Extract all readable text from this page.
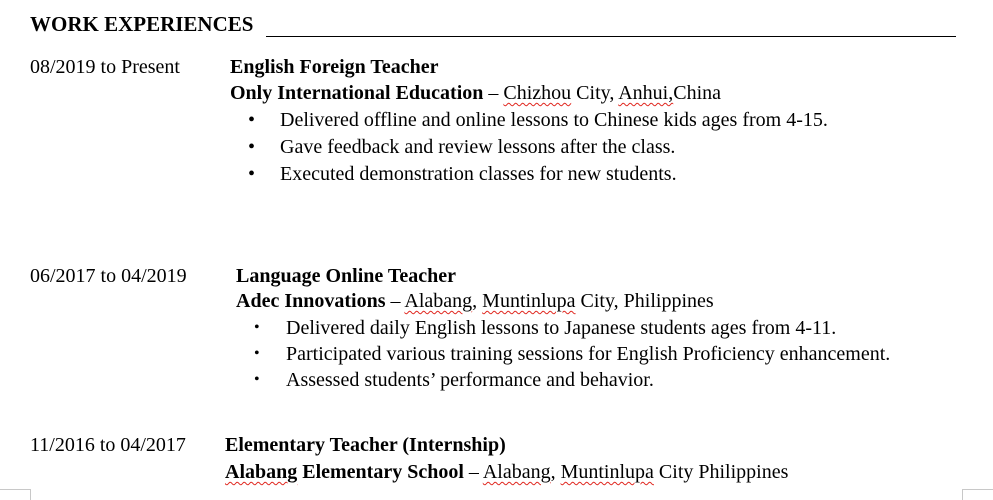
WORK EXPERIENCES
08/2019 to Present	English Foreign Teacher
Only International Education – Chizhou City, Anhui,China
• Delivered offline and online lessons to Chinese kids ages from 4-15.
• Gave feedback and review lessons after the class.
• Executed demonstration classes for new students.
06/2017 to 04/2019 Language Online Teacher
Adec Innovations – Alabang, Muntinlupa City, Philippines
• Delivered daily English lessons to Japanese students ages from 4-11.
• Participated various training sessions for English Proficiency enhancement.
• Assessed students’ performance and behavior.
11/2016 to 04/2017 Elementary Teacher (Internship)
Alabang Elementary School – Alabang, Muntinlupa City Philippines
